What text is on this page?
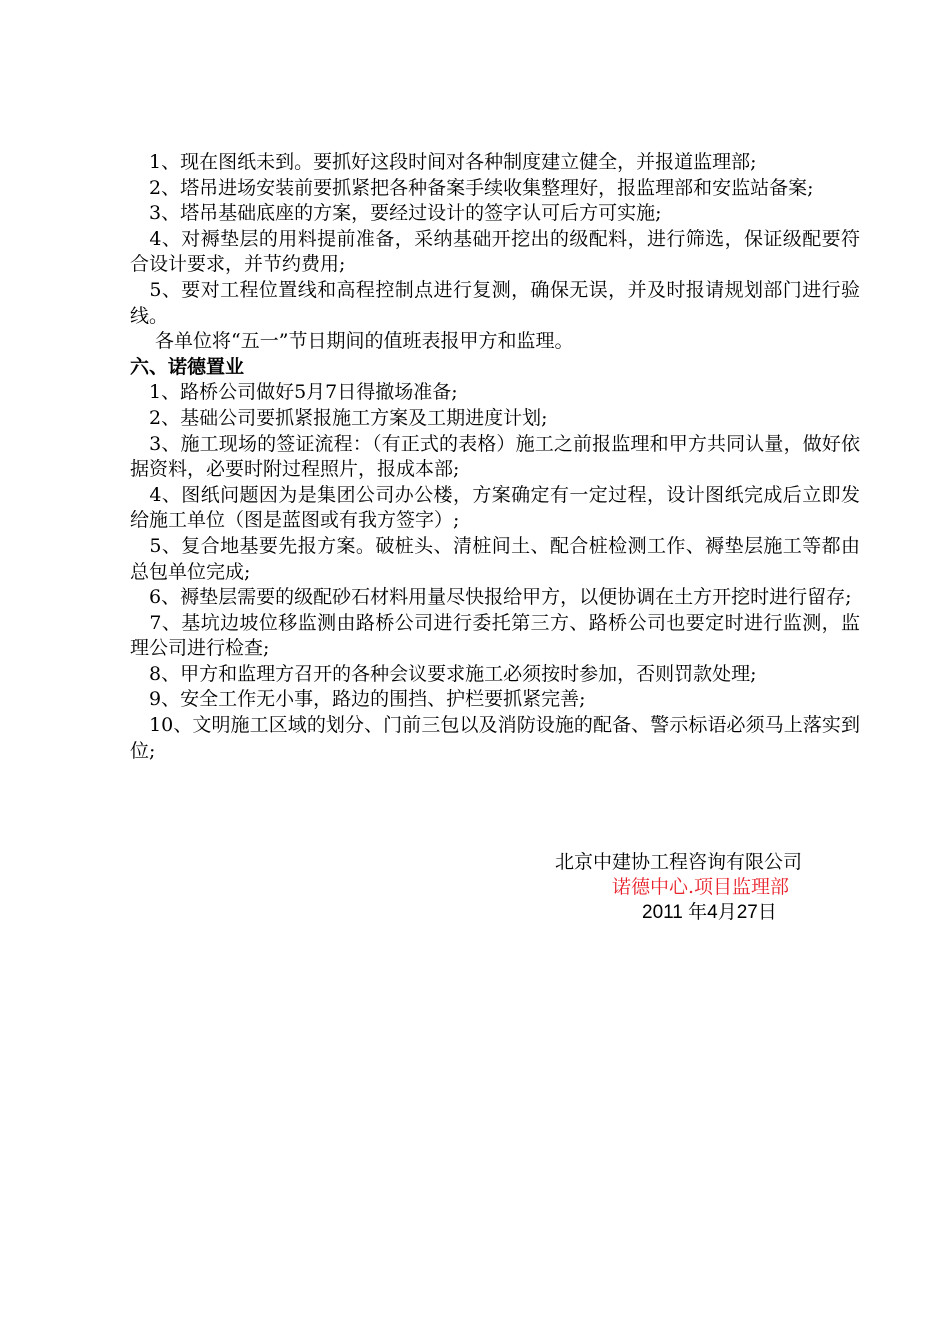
　1、现在图纸未到。要抓好这段时间对各种制度建立健全，并报道监理部;
　2、塔吊进场安装前要抓紧把各种备案手续收集整理好，报监理部和安监站备案;
　3、塔吊基础底座的方案，要经过设计的签字认可后方可实施;
　4、对褥垫层的用料提前准备，采纳基础开挖出的级配料，进行筛选，保证级配要符合设计要求，并节约费用;
　5、要对工程位置线和高程控制点进行复测，确保无误，并及时报请规划部门进行验线。
　 各单位将“五一”节日期间的值班表报甲方和监理。
六、诺德置业
　1、路桥公司做好5月7日得撤场准备;
　2、基础公司要抓紧报施工方案及工期进度计划;
　3、施工现场的签证流程：（有正式的表格）施工之前报监理和甲方共同认量，做好依据资料，必要时附过程照片，报成本部;
　4、图纸问题因为是集团公司办公楼，方案确定有一定过程，设计图纸完成后立即发给施工单位（图是蓝图或有我方签字）;
　5、复合地基要先报方案。破桩头、清桩间土、配合桩检测工作、褥垫层施工等都由总包单位完成;
　6、褥垫层需要的级配砂石材料用量尽快报给甲方，以便协调在土方开挖时进行留存;
　7、基坑边坡位移监测由路桥公司进行委托第三方、路桥公司也要定时进行监测，监理公司进行检查;
　8、甲方和监理方召开的各种会议要求施工必须按时参加，否则罚款处理;
　9、安全工作无小事，路边的围挡、护栏要抓紧完善;
　10、文明施工区域的划分、门前三包以及消防设施的配备、警示标语必须马上落实到位;
北京中建协工程咨询有限公司
诺德中心.项目监理部
2011 年4月27日
